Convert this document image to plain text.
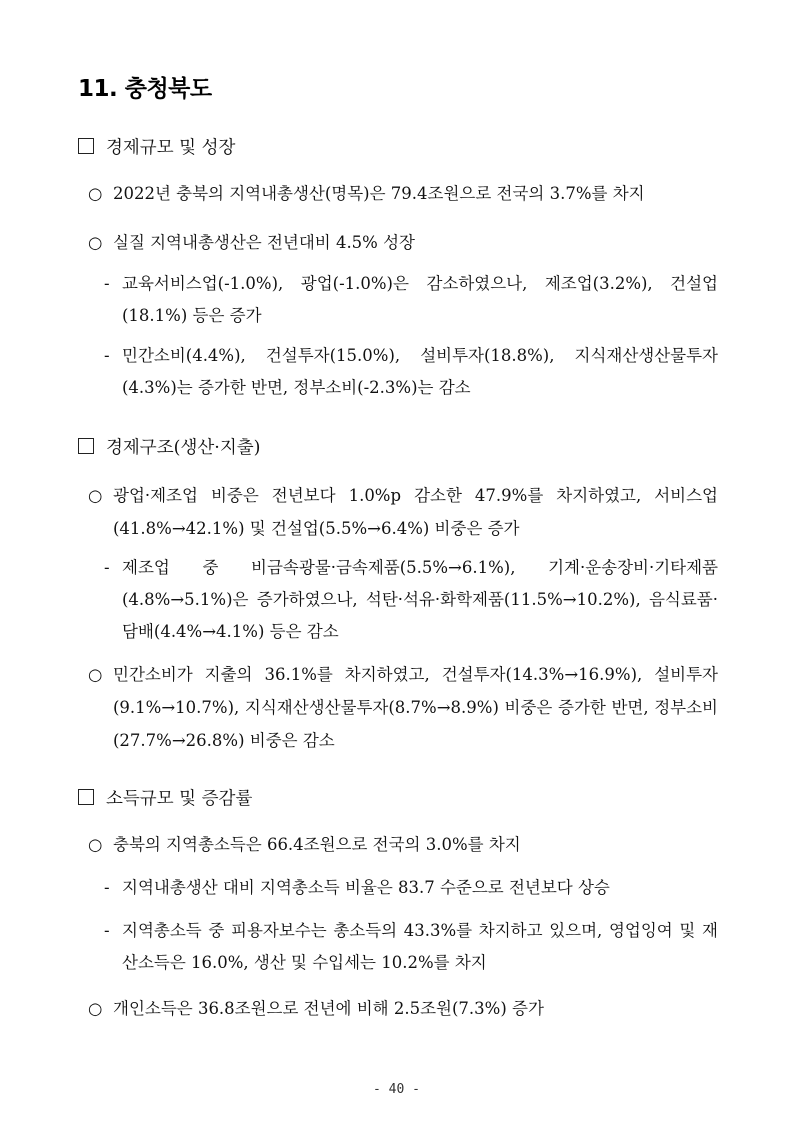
11. 충청북도
경제규모 및 성장
○ 2022년 충북의 지역내총생산(명목)은 79.4조원으로 전국의 3.7%를 차지
○ 실질 지역내총생산은 전년대비 4.5% 성장
- 교육서비스업(-1.0%), 광업(-1.0%)은 감소하였으나, 제조업(3.2%), 건설업(18.1%) 등은 증가
- 민간소비(4.4%), 건설투자(15.0%), 설비투자(18.8%), 지식재산생산물투자(4.3%)는 증가한 반면, 정부소비(-2.3%)는 감소
경제구조(생산·지출)
○ 광업·제조업 비중은 전년보다 1.0%p 감소한 47.9%를 차지하였고, 서비스업(41.8%→42.1%) 및 건설업(5.5%→6.4%) 비중은 증가
- 제조업 중 비금속광물·금속제품(5.5%→6.1%), 기계·운송장비·기타제품(4.8%→5.1%)은 증가하였으나, 석탄·석유·화학제품(11.5%→10.2%), 음식료품·담배(4.4%→4.1%) 등은 감소
○ 민간소비가 지출의 36.1%를 차지하였고, 건설투자(14.3%→16.9%), 설비투자(9.1%→10.7%), 지식재산생산물투자(8.7%→8.9%) 비중은 증가한 반면, 정부소비(27.7%→26.8%) 비중은 감소
소득규모 및 증감률
○ 충북의 지역총소득은 66.4조원으로 전국의 3.0%를 차지
- 지역내총생산 대비 지역총소득 비율은 83.7 수준으로 전년보다 상승
- 지역총소득 중 피용자보수는 총소득의 43.3%를 차지하고 있으며, 영업잉여 및 재산소득은 16.0%, 생산 및 수입세는 10.2%를 차지
○ 개인소득은 36.8조원으로 전년에 비해 2.5조원(7.3%) 증가
- 40 -
